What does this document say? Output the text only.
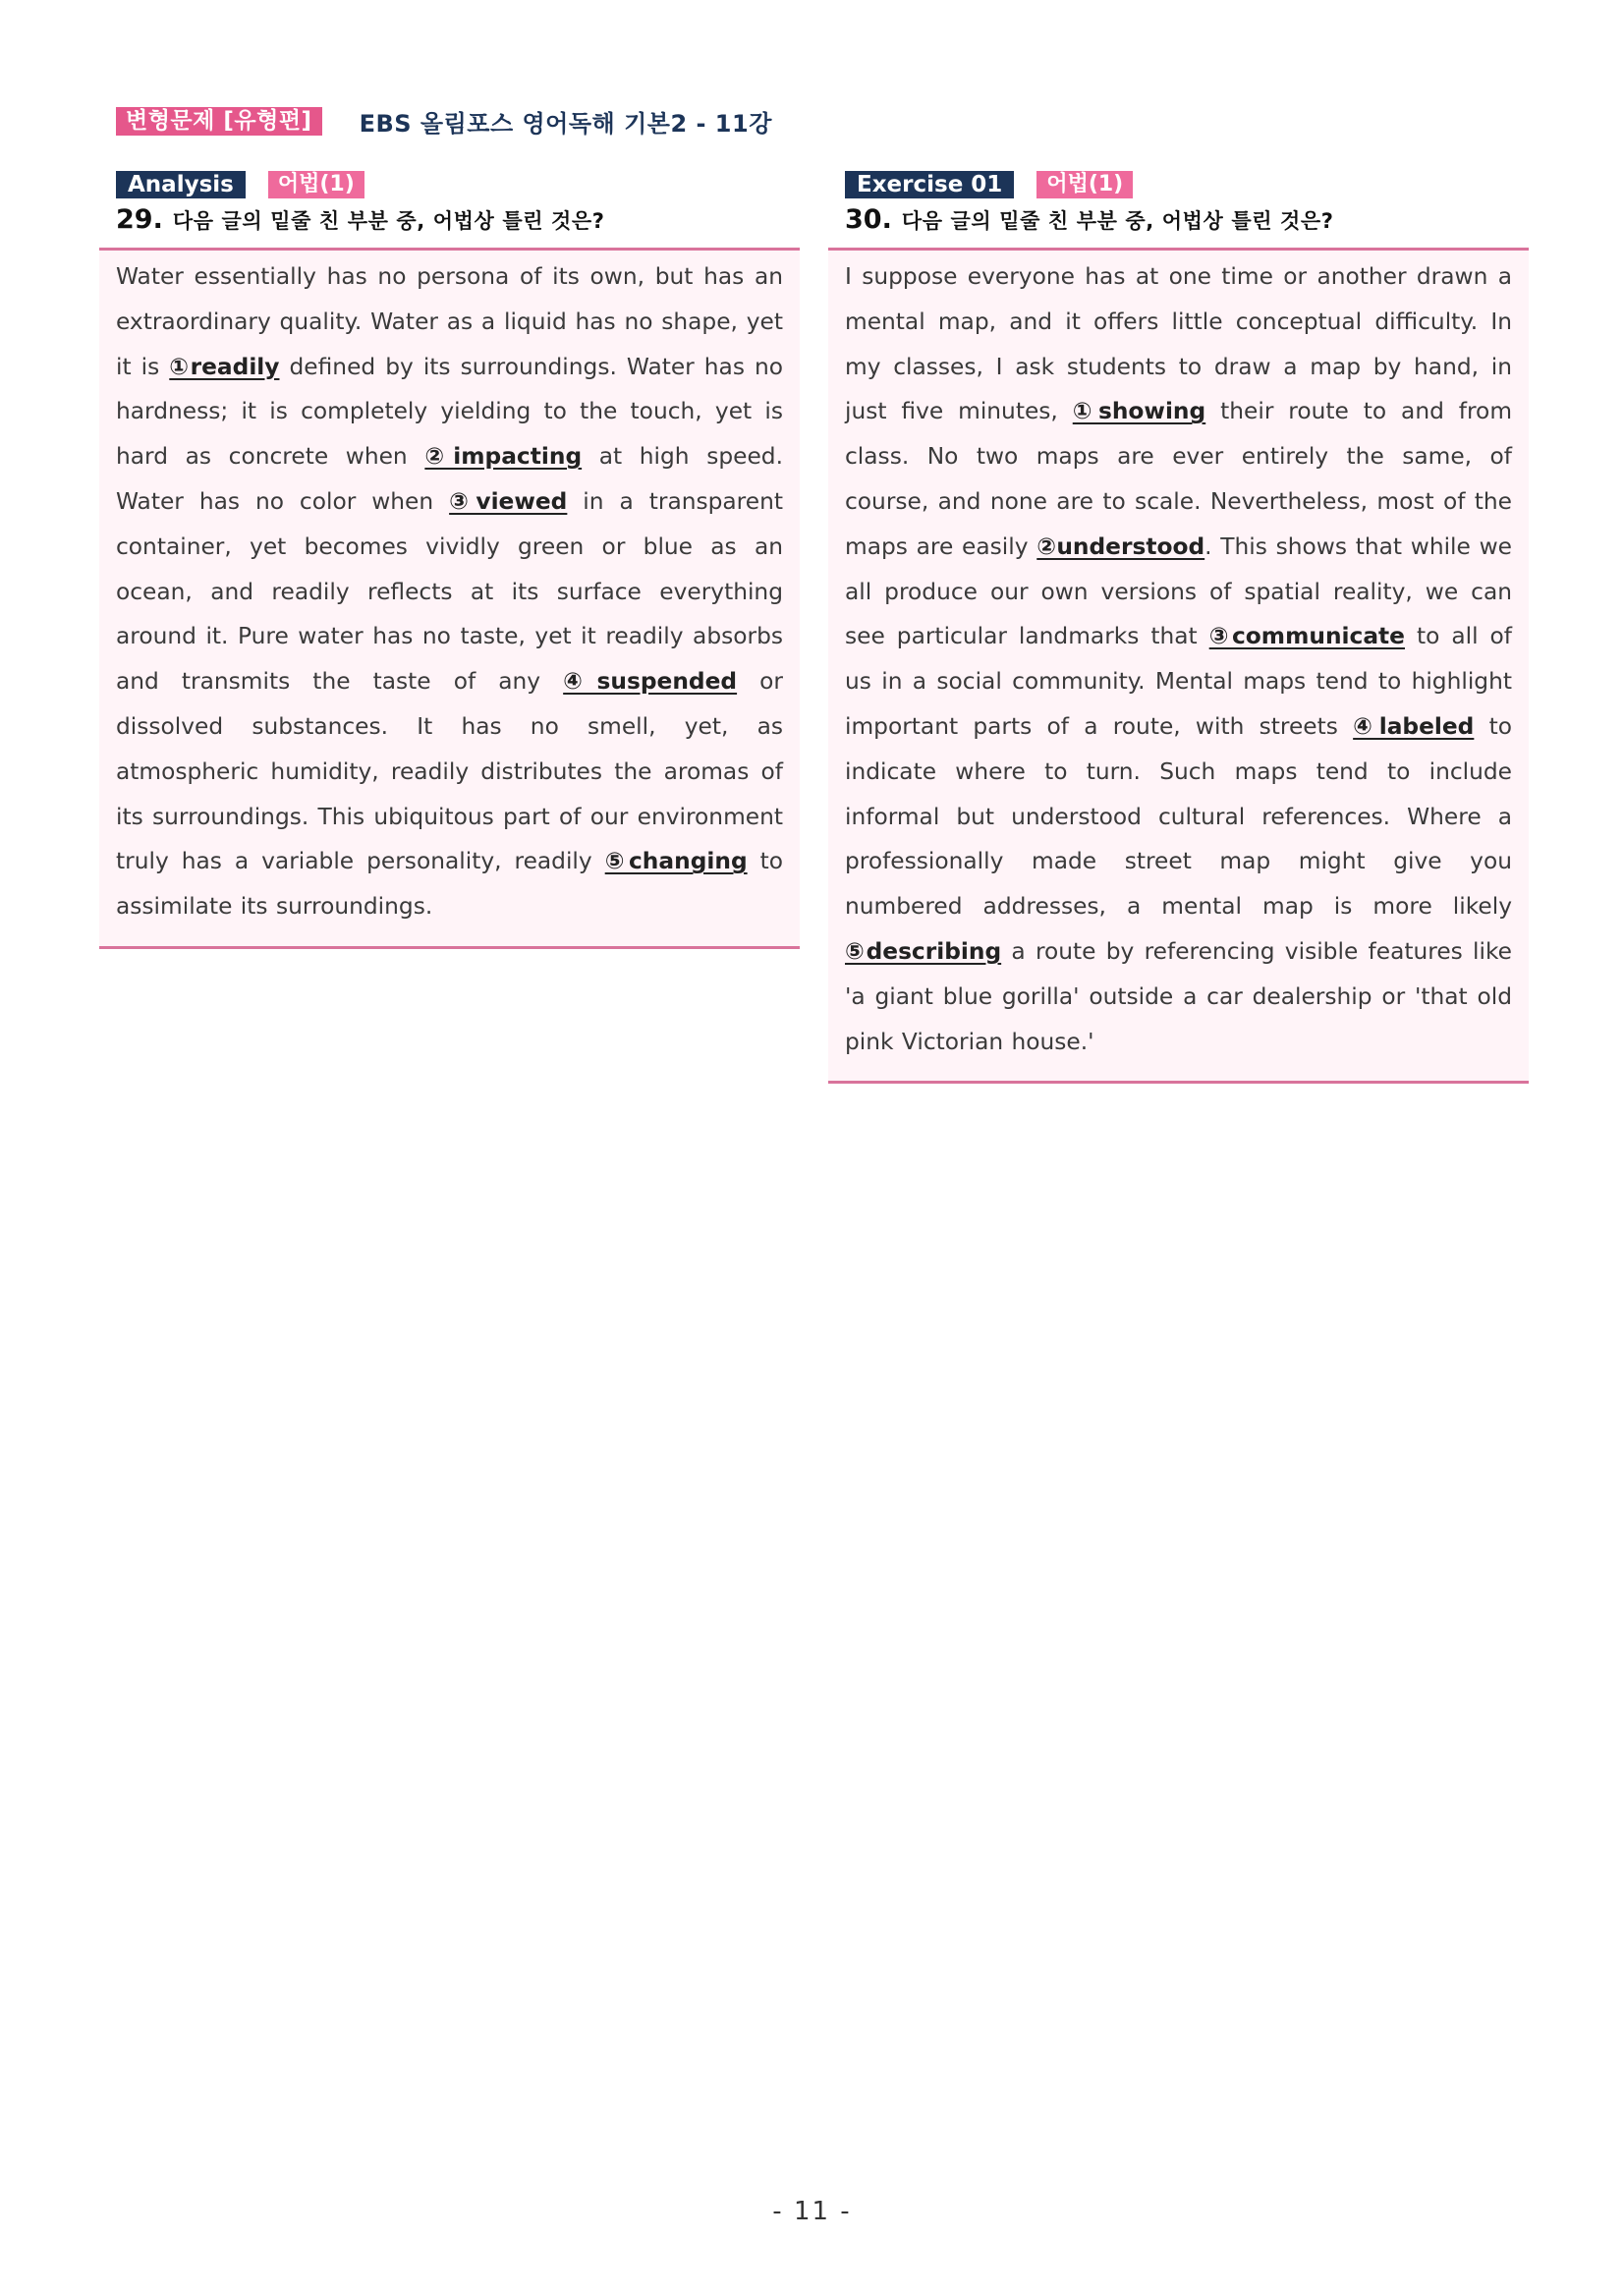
변형문제 [유형편]	EBS 올림포스 영어독해 기본2 - 11강
Analysis	어법(1)
29. 다음 글의 밑줄 친 부분 중, 어법상 틀린 것은?

Water essentially has no persona of its own, but has an extraordinary quality. Water as a liquid has no shape, yet it is ①readily defined by its surroundings. Water has no hardness; it is completely yielding to the touch, yet is hard as concrete when ②impacting at high speed. Water has no color when ③viewed in a transparent container, yet becomes vividly green or blue as an ocean, and readily reflects at its surface everything around it. Pure water has no taste, yet it readily absorbs and transmits the taste of any ④suspended or dissolved substances. It has no smell, yet, as atmospheric humidity, readily distributes the aromas of its surroundings. This ubiquitous part of our environment truly has a variable personality, readily ⑤changing to assimilate its surroundings.

Exercise 01	어법(1)
30. 다음 글의 밑줄 친 부분 중, 어법상 틀린 것은?

I suppose everyone has at one time or another drawn a mental map, and it offers little conceptual difficulty. In my classes, I ask students to draw a map by hand, in just five minutes, ①showing their route to and from class. No two maps are ever entirely the same, of course, and none are to scale. Nevertheless, most of the maps are easily ②understood. This shows that while we all produce our own versions of spatial reality, we can see particular landmarks that ③communicate to all of us in a social community. Mental maps tend to highlight important parts of a route, with streets ④labeled to indicate where to turn. Such maps tend to include informal but understood cultural references. Where a professionally made street map might give you numbered addresses, a mental map is more likely ⑤describing a route by referencing visible features like 'a giant blue gorilla' outside a car dealership or 'that old pink Victorian house.'

- 11 -
